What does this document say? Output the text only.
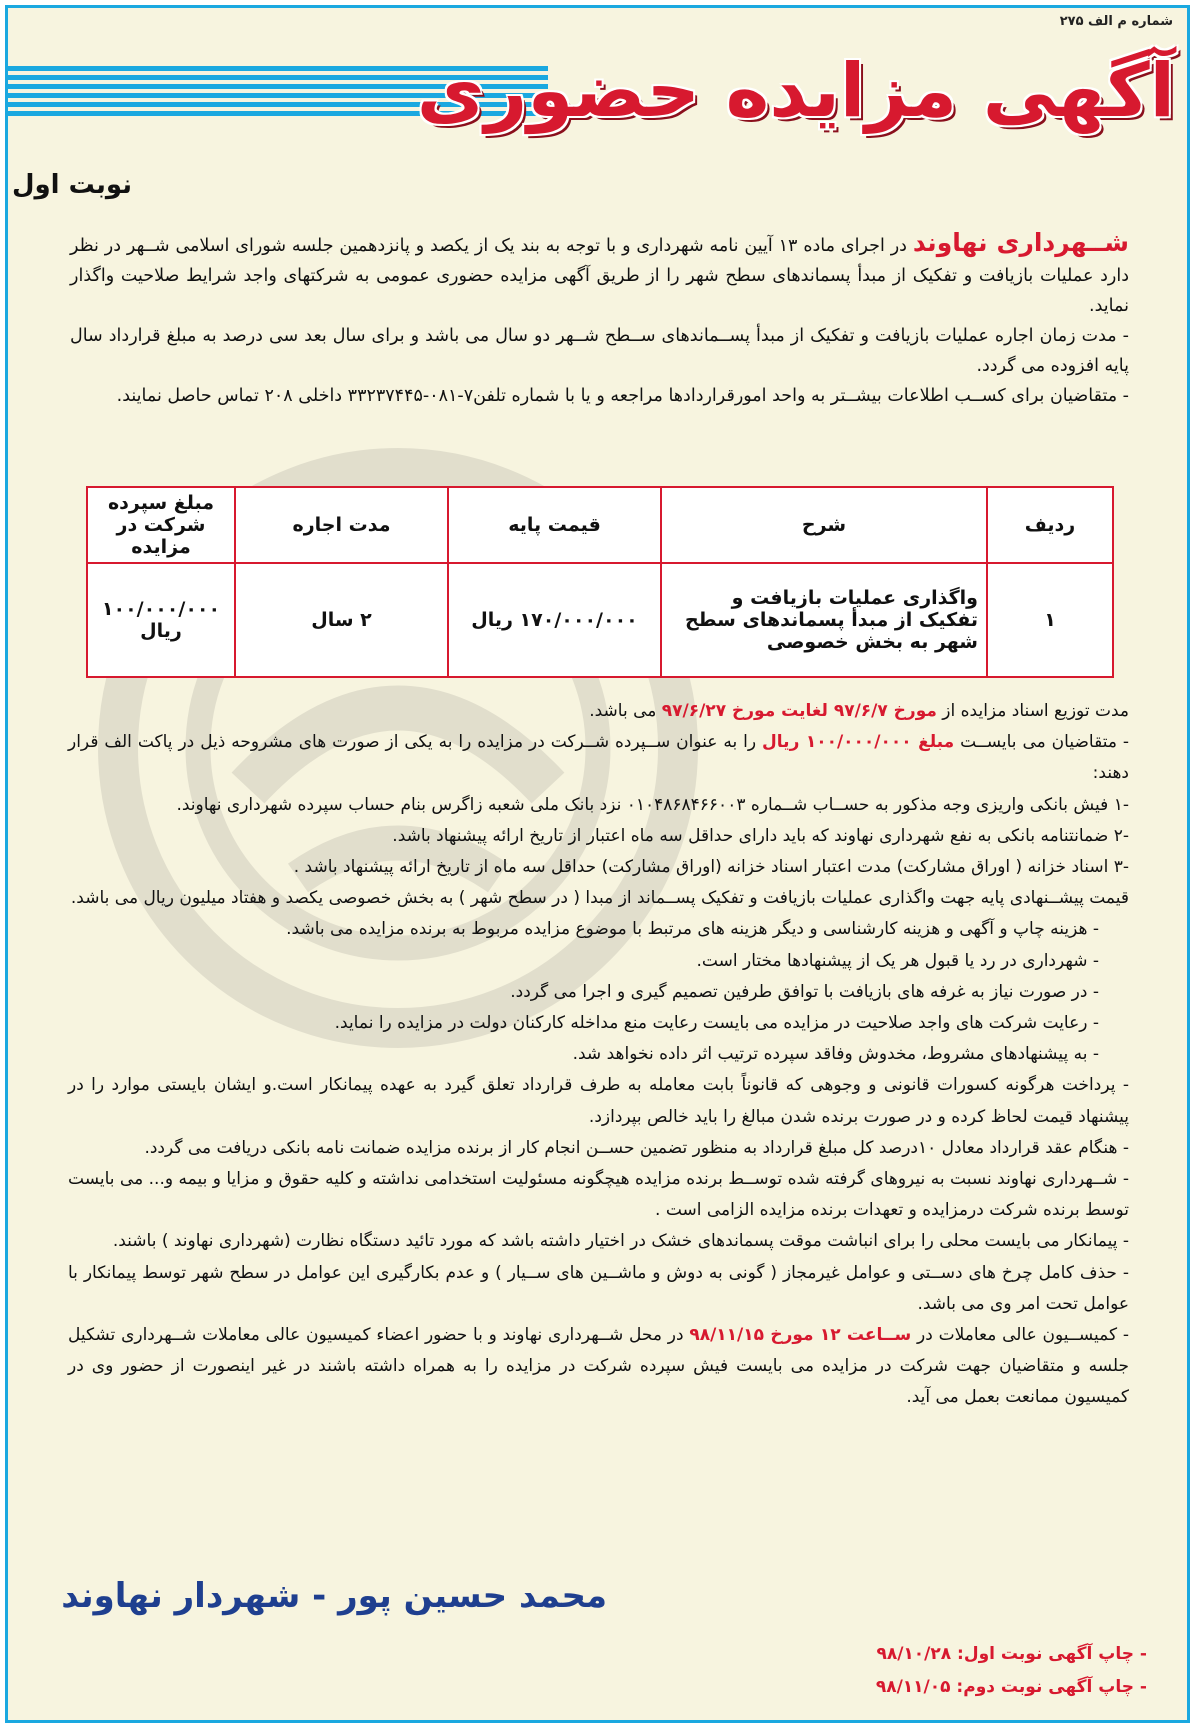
شماره م الف ۲۷۵
آگهی مزایده حضوری
نوبت اول

شــهرداری نهاوند در اجرای ماده ۱۳ آیین نامه شهرداری و با توجه به بند یک از یکصد و پانزدهمین جلسه شورای اسلامی شــهر در نظر دارد عملیات بازیافت و تفکیک از مبدأ پسماندهای سطح شهر را از طریق آگهی مزایده حضوری عمومی به شرکتهای واجد شرایط صلاحیت واگذار نماید.

- مدت زمان اجاره عملیات بازیافت و تفکیک از مبدأ پســماندهای ســطح شــهر دو سال می باشد و برای سال بعد سی درصد به مبلغ قرارداد سال پایه افزوده می گردد.

- متقاضیان برای کســب اطلاعات بیشــتر به واحد امورقراردادها مراجعه و یا با شماره تلفن۷-۰۸۱-۳۳۲۳۷۴۴۵ داخلی ۲۰۸ تماس حاصل نمایند.

ردیف	شرح	قیمت پایه	مدت اجاره	مبلغ سپرده شرکت در مزایده
۱	واگذاری عملیات بازیافت و تفکیک از مبدأ پسماندهای سطح شهر به بخش خصوصی	۱۷۰/۰۰۰/۰۰۰ ریال	۲ سال	۱۰۰/۰۰۰/۰۰۰ ریال

مدت توزیع اسناد مزایده از مورخ ۹۷/۶/۷ لغایت مورخ ۹۷/۶/۲۷ می باشد.

- متقاضیان می بایســت مبلغ ۱۰۰/۰۰۰/۰۰۰ ریال را به عنوان ســپرده شــرکت در مزایده را به یکی از صورت های مشروحه ذیل در پاکت الف قرار دهند:

-۱ فیش بانکی واریزی وجه مذکور به حســاب شــماره ۰۱۰۴۸۶۸۴۶۶۰۰۳ نزد بانک ملی شعبه زاگرس بنام حساب سپرده شهرداری نهاوند.

-۲ ضمانتنامه بانکی به نفع شهرداری نهاوند که باید دارای حداقل سه ماه اعتبار از تاریخ ارائه پیشنهاد باشد.

-۳ اسناد خزانه ( اوراق مشارکت) مدت اعتبار اسناد خزانه (اوراق مشارکت) حداقل سه ماه از تاریخ ارائه پیشنهاد باشد .

قیمت پیشــنهادی پایه جهت واگذاری عملیات بازیافت و تفکیک پســماند از مبدا ( در سطح شهر ) به بخش خصوصی یکصد و هفتاد میلیون ریال می باشد.

- هزینه چاپ و آگهی و هزینه کارشناسی و دیگر هزینه های مرتبط با موضوع مزایده مربوط به برنده مزایده می باشد.

- شهرداری در رد یا قبول هر یک از پیشنهادها مختار است.

- در صورت نیاز به غرفه های بازیافت با توافق طرفین تصمیم گیری و اجرا می گردد.

- رعایت شرکت های واجد صلاحیت در مزایده می بایست رعایت منع مداخله کارکنان دولت در مزایده را نماید.

- به پیشنهادهای مشروط، مخدوش وفاقد سپرده ترتیب اثر داده نخواهد شد.

- پرداخت هرگونه کسورات قانونی و وجوهی که قانوناً بابت معامله به طرف قرارداد تعلق گیرد به عهده پیمانکار است.و ایشان بایستی موارد را در پیشنهاد قیمت لحاظ کرده و در صورت برنده شدن مبالغ را باید خالص بپردازد.

- هنگام عقد قرارداد معادل ۱۰درصد کل مبلغ قرارداد به منظور تضمین حســن انجام کار از برنده مزایده ضمانت نامه بانکی دریافت می گردد.

- شــهرداری نهاوند نسبت به نیروهای گرفته شده توســط برنده مزایده هیچگونه مسئولیت استخدامی نداشته و کلیه حقوق و مزایا و بیمه و... می بایست توسط برنده شرکت درمزایده و تعهدات برنده مزایده الزامی است .

- پیمانکار می بایست محلی را برای انباشت موقت پسماندهای خشک در اختیار داشته باشد که مورد تائید دستگاه نظارت (شهرداری نهاوند ) باشند.

- حذف کامل چرخ های دســتی و عوامل غیرمجاز ( گونی به دوش و ماشــین های ســیار ) و عدم بکارگیری این عوامل در سطح شهر توسط پیمانکار با عوامل تحت امر وی می باشد.

- کمیســیون عالی معاملات در ســاعت ۱۲ مورخ ۹۸/۱۱/۱۵ در محل شــهرداری نهاوند و با حضور اعضاء کمیسیون عالی معاملات شــهرداری تشکیل جلسه و متقاضیان جهت شرکت در مزایده می بایست فیش سپرده شرکت در مزایده را به همراه داشته باشند در غیر اینصورت از حضور وی در کمیسیون ممانعت بعمل می آید.

محمد حسین پور - شهردار نهاوند
- چاپ آگهی نوبت اول: ۹۸/۱۰/۲۸
- چاپ آگهی نوبت دوم: ۹۸/۱۱/۰۵
